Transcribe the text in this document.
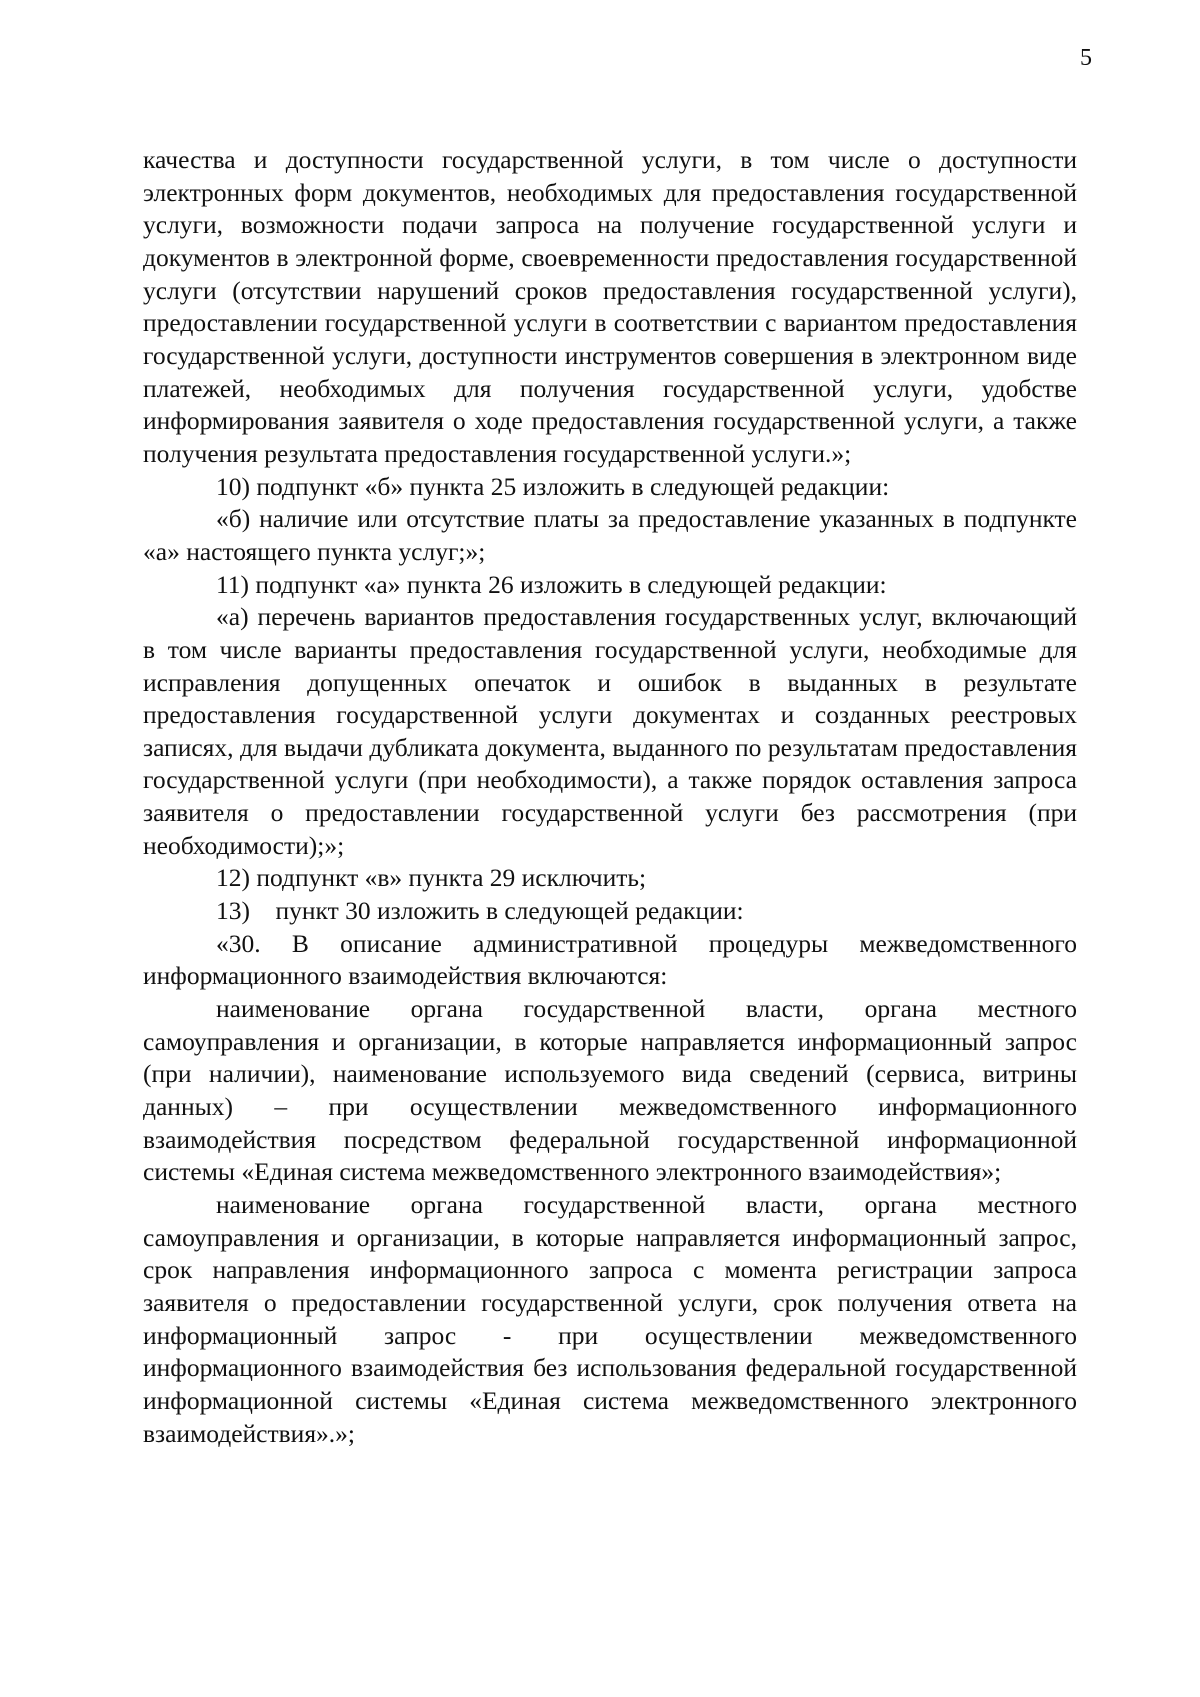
5

качества и доступности государственной услуги, в том числе о доступности электронных форм документов, необходимых для предоставления государственной услуги, возможности подачи запроса на получение государственной услуги и документов в электронной форме, своевременности предоставления государственной услуги (отсутствии нарушений сроков предоставления государственной услуги), предоставлении государственной услуги в соответствии с вариантом предоставления государственной услуги, доступности инструментов совершения в электронном виде платежей, необходимых для получения государственной услуги, удобстве информирования заявителя о ходе предоставления государственной услуги, а также получения результата предоставления государственной услуги.»;

10) подпункт «б» пункта 25 изложить в следующей редакции:

«б) наличие или отсутствие платы за предоставление указанных в подпункте «а» настоящего пункта услуг;»;

11) подпункт «а» пункта 26 изложить в следующей редакции:

«а) перечень вариантов предоставления государственных услуг, включающий в том числе варианты предоставления государственной услуги, необходимые для исправления допущенных опечаток и ошибок в выданных в результате предоставления государственной услуги документах и созданных реестровых записях, для выдачи дубликата документа, выданного по результатам предоставления государственной услуги (при необходимости), а также порядок оставления запроса заявителя о предоставлении государственной услуги без рассмотрения (при необходимости);»;

12) подпункт «в» пункта 29 исключить;

13)    пункт 30 изложить в следующей редакции:

«30. В описание административной процедуры межведомственного информационного взаимодействия включаются:

наименование органа государственной власти, органа местного самоуправления и организации, в которые направляется информационный запрос (при наличии), наименование используемого вида сведений (сервиса, витрины данных) – при осуществлении межведомственного информационного взаимодействия посредством федеральной государственной информационной системы «Единая система межведомственного электронного взаимодействия»;

наименование органа государственной власти, органа местного самоуправления и организации, в которые направляется информационный запрос, срок направления информационного запроса с момента регистрации запроса заявителя о предоставлении государственной услуги, срок получения ответа на информационный запрос - при осуществлении межведомственного информационного взаимодействия без использования федеральной государственной информационной системы «Единая система межведомственного электронного взаимодействия».»;
